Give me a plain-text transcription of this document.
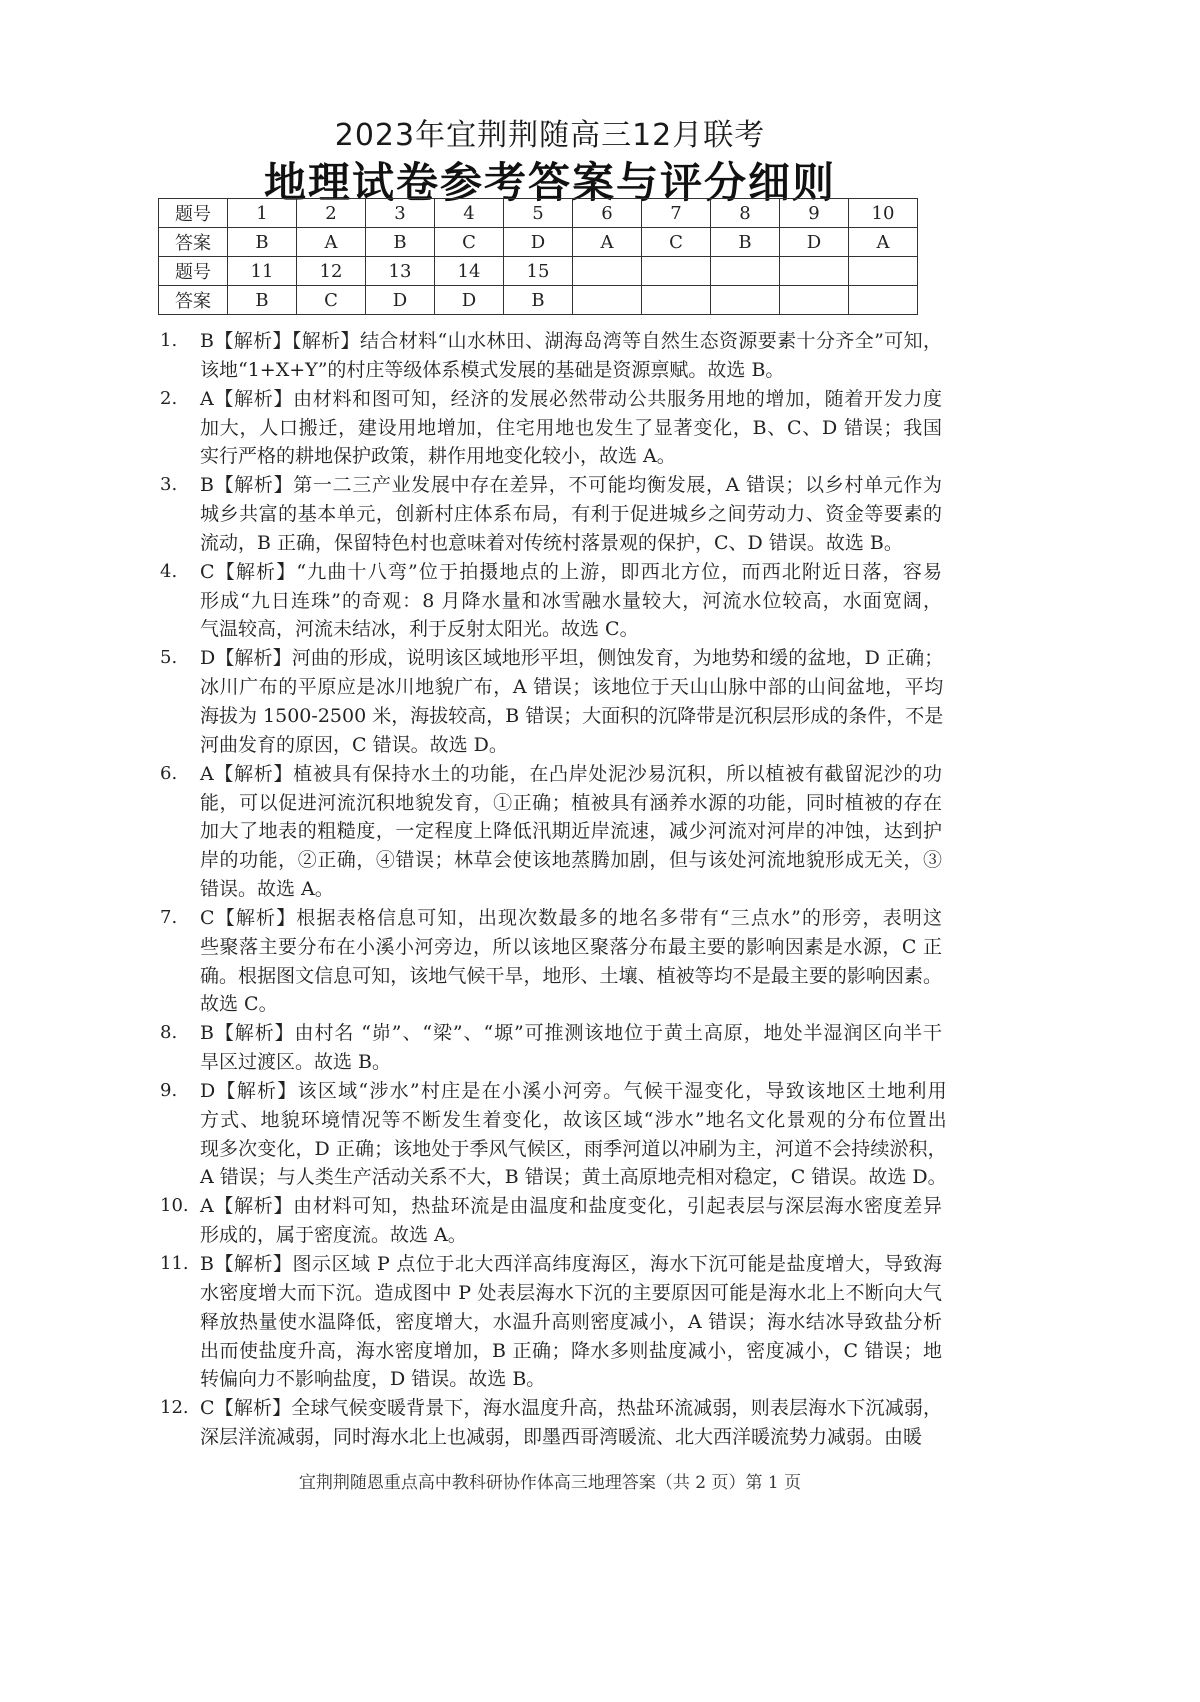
2023年宜荆荆随高三12月联考
地理试卷参考答案与评分细则
题号	1	2	3	4	5	6	7	8	9	10
答案	B	A	B	C	D	A	C	B	D	A
题号	11	12	13	14	15					
答案	B	C	D	D	B					
1.	B【解析】【解析】结合材料“山水林田、湖海岛湾等自然生态资源要素十分齐全”可知，
该地“1+X+Y”的村庄等级体系模式发展的基础是资源禀赋。故选 B。
2.	A【解析】由材料和图可知，经济的发展必然带动公共服务用地的增加，随着开发力度
加大，人口搬迁，建设用地增加，住宅用地也发生了显著变化，B、C、D 错误；我国
实行严格的耕地保护政策，耕作用地变化较小，故选 A。
3.	B【解析】第一二三产业发展中存在差异，不可能均衡发展，A 错误；以乡村单元作为
城乡共富的基本单元，创新村庄体系布局，有利于促进城乡之间劳动力、资金等要素的
流动，B 正确，保留特色村也意味着对传统村落景观的保护，C、D 错误。故选 B。
4.	C【解析】“九曲十八弯”位于拍摄地点的上游，即西北方位，而西北附近日落，容易
形成“九日连珠”的奇观：8 月降水量和冰雪融水量较大，河流水位较高，水面宽阔，
气温较高，河流未结冰，利于反射太阳光。故选 C。
5.	D【解析】河曲的形成，说明该区域地形平坦，侧蚀发育，为地势和缓的盆地，D 正确；
冰川广布的平原应是冰川地貌广布，A 错误；该地位于天山山脉中部的山间盆地，平均
海拔为 1500-2500 米，海拔较高，B 错误；大面积的沉降带是沉积层形成的条件，不是
河曲发育的原因，C 错误。故选 D。
6.	A【解析】植被具有保持水土的功能，在凸岸处泥沙易沉积，所以植被有截留泥沙的功
能，可以促进河流沉积地貌发育，①正确；植被具有涵养水源的功能，同时植被的存在
加大了地表的粗糙度，一定程度上降低汛期近岸流速，减少河流对河岸的冲蚀，达到护
岸的功能，②正确，④错误；林草会使该地蒸腾加剧，但与该处河流地貌形成无关，③
错误。故选 A。
7.	C【解析】根据表格信息可知，出现次数最多的地名多带有“三点水”的形旁，表明这
些聚落主要分布在小溪小河旁边，所以该地区聚落分布最主要的影响因素是水源，C 正
确。根据图文信息可知，该地气候干旱，地形、土壤、植被等均不是最主要的影响因素。
故选 C。
8.	B【解析】由村名 “峁”、“梁”、“塬”可推测该地位于黄土高原，地处半湿润区向半干
旱区过渡区。故选 B。
9.	D【解析】该区域“涉水”村庄是在小溪小河旁。气候干湿变化，导致该地区土地利用
方式、地貌环境情况等不断发生着变化，故该区域“涉水”地名文化景观的分布位置出
现多次变化，D 正确；该地处于季风气候区，雨季河道以冲刷为主，河道不会持续淤积，
A 错误；与人类生产活动关系不大，B 错误；黄土高原地壳相对稳定，C 错误。故选 D。
10. A【解析】由材料可知，热盐环流是由温度和盐度变化，引起表层与深层海水密度差异
形成的，属于密度流。故选 A。
11. B【解析】图示区域 P 点位于北大西洋高纬度海区，海水下沉可能是盐度增大，导致海
水密度增大而下沉。造成图中 P 处表层海水下沉的主要原因可能是海水北上不断向大气
释放热量使水温降低，密度增大，水温升高则密度减小，A 错误；海水结冰导致盐分析
出而使盐度升高，海水密度增加，B 正确；降水多则盐度减小，密度减小，C 错误；地
转偏向力不影响盐度，D 错误。故选 B。
12. C【解析】全球气候变暖背景下，海水温度升高，热盐环流减弱，则表层海水下沉减弱，
深层洋流减弱，同时海水北上也减弱，即墨西哥湾暖流、北大西洋暖流势力减弱。由暖
宜荆荆随恩重点高中教科研协作体高三地理答案（共 2 页）第 1 页
